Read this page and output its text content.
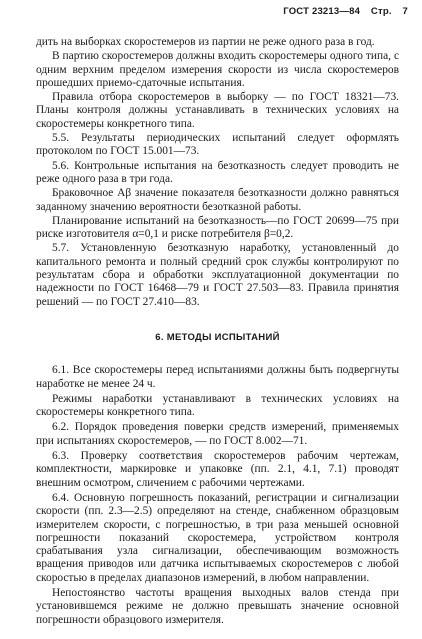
ГОСТ 23213—84 Стр. 7

дить на выборках скоростемеров из партии не реже одного раза в год.

В партию скоростемеров должны входить скоростемеры одного типа, с одним верхним пределом измерения скорости из числа скоростемеров прошедших приемо-сдаточные испытания.

Правила отбора скоростемеров в выборку — по ГОСТ 18321—73. Планы контроля должны устанавливать в технических условиях на скоростемеры конкретного типа.

5.5. Результаты периодических испытаний следует оформлять протоколом по ГОСТ 15.001—73.

5.6. Контрольные испытания на безотказность следует проводить не реже одного раза в три года.

Браковочное Aβ значение показателя безотказности должно равняться заданному значению вероятности безотказной работы.

Планирование испытаний на безотказность—по ГОСТ 20699—75 при риске изготовителя α=0,1 и риске потребителя β=0,2.

5.7. Установленную безотказную наработку, установленный до капитального ремонта и полный средний срок службы контролируют по результатам сбора и обработки эксплуатационной документации по надежности по ГОСТ 16468—79 и ГОСТ 27.503—83. Правила принятия решений — по ГОСТ 27.410—83.

6. МЕТОДЫ ИСПЫТАНИЙ

6.1. Все скоростемеры перед испытаниями должны быть подвергнуты наработке не менее 24 ч.

Режимы наработки устанавливают в технических условиях на скоростемеры конкретного типа.

6.2. Порядок проведения поверки средств измерений, применяемых при испытаниях скоростемеров, — по ГОСТ 8.002—71.

6.3. Проверку соответствия скоростемеров рабочим чертежам, комплектности, маркировке и упаковке (пп. 2.1, 4.1, 7.1) проводят внешним осмотром, сличением с рабочими чертежами.

6.4. Основную погрешность показаний, регистрации и сигнализации скорости (пп. 2.3—2.5) определяют на стенде, снабженном образцовым измерителем скорости, с погрешностью, в три раза меньшей основной погрешности показаний скоростемера, устройством контроля срабатывания узла сигнализации, обеспечивающим возможность вращения приводов или датчика испытываемых скоростемеров с любой скоростью в пределах диапазонов измерений, в любом направлении.

Непостоянство частоты вращения выходных валов стенда при установившемся режиме не должно превышать значение основной погрешности образцового измерителя.
